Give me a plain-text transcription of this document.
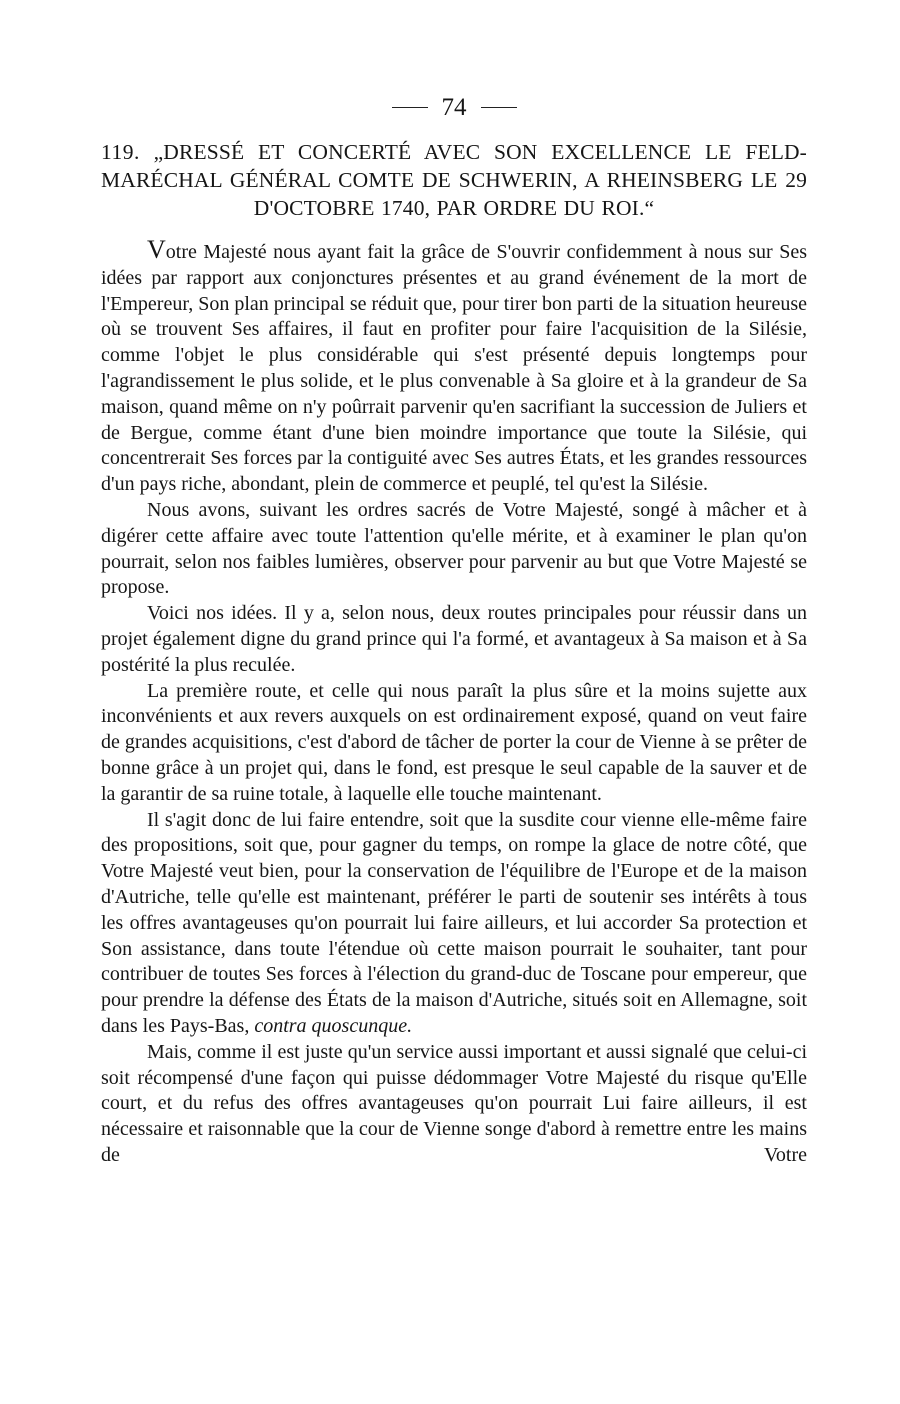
74
119. „DRESSÉ ET CONCERTÉ AVEC SON EXCELLENCE LE FELD-MARÉCHAL GÉNÉRAL COMTE DE SCHWERIN, A RHEINSBERG LE 29 D'OCTOBRE 1740, PAR ORDRE DU ROI.“

Votre Majesté nous ayant fait la grâce de S'ouvrir confidemment à nous sur Ses idées par rapport aux conjonctures présentes et au grand événement de la mort de l'Empereur, Son plan principal se réduit que, pour tirer bon parti de la situation heureuse où se trouvent Ses affaires, il faut en profiter pour faire l'acquisition de la Silésie, comme l'objet le plus considérable qui s'est présenté depuis longtemps pour l'agrandissement le plus solide, et le plus convenable à Sa gloire et à la grandeur de Sa maison, quand même on n'y poûrrait parvenir qu'en sacrifiant la succession de Juliers et de Bergue, comme étant d'une bien moindre importance que toute la Silésie, qui concentrerait Ses forces par la contiguité avec Ses autres États, et les grandes ressources d'un pays riche, abondant, plein de commerce et peuplé, tel qu'est la Silésie.

Nous avons, suivant les ordres sacrés de Votre Majesté, songé à mâcher et à digérer cette affaire avec toute l'attention qu'elle mérite, et à examiner le plan qu'on pourrait, selon nos faibles lumières, observer pour parvenir au but que Votre Majesté se propose.

Voici nos idées. Il y a, selon nous, deux routes principales pour réussir dans un projet également digne du grand prince qui l'a formé, et avantageux à Sa maison et à Sa postérité la plus reculée.

La première route, et celle qui nous paraît la plus sûre et la moins sujette aux inconvénients et aux revers auxquels on est ordinairement exposé, quand on veut faire de grandes acquisitions, c'est d'abord de tâcher de porter la cour de Vienne à se prêter de bonne grâce à un projet qui, dans le fond, est presque le seul capable de la sauver et de la garantir de sa ruine totale, à laquelle elle touche maintenant.

Il s'agit donc de lui faire entendre, soit que la susdite cour vienne elle-même faire des propositions, soit que, pour gagner du temps, on rompe la glace de notre côté, que Votre Majesté veut bien, pour la conservation de l'équilibre de l'Europe et de la maison d'Autriche, telle qu'elle est maintenant, préférer le parti de soutenir ses intérêts à tous les offres avantageuses qu'on pourrait lui faire ailleurs, et lui accorder Sa protection et Son assistance, dans toute l'étendue où cette maison pourrait le souhaiter, tant pour contribuer de toutes Ses forces à l'élection du grand-duc de Toscane pour empereur, que pour prendre la défense des États de la maison d'Autriche, situés soit en Allemagne, soit dans les Pays-Bas, contra quoscunque.

Mais, comme il est juste qu'un service aussi important et aussi signalé que celui-ci soit récompensé d'une façon qui puisse dédommager Votre Majesté du risque qu'Elle court, et du refus des offres avantageuses qu'on pourrait Lui faire ailleurs, il est nécessaire et raisonnable que la cour de Vienne songe d'abord à remettre entre les mains de Votre
